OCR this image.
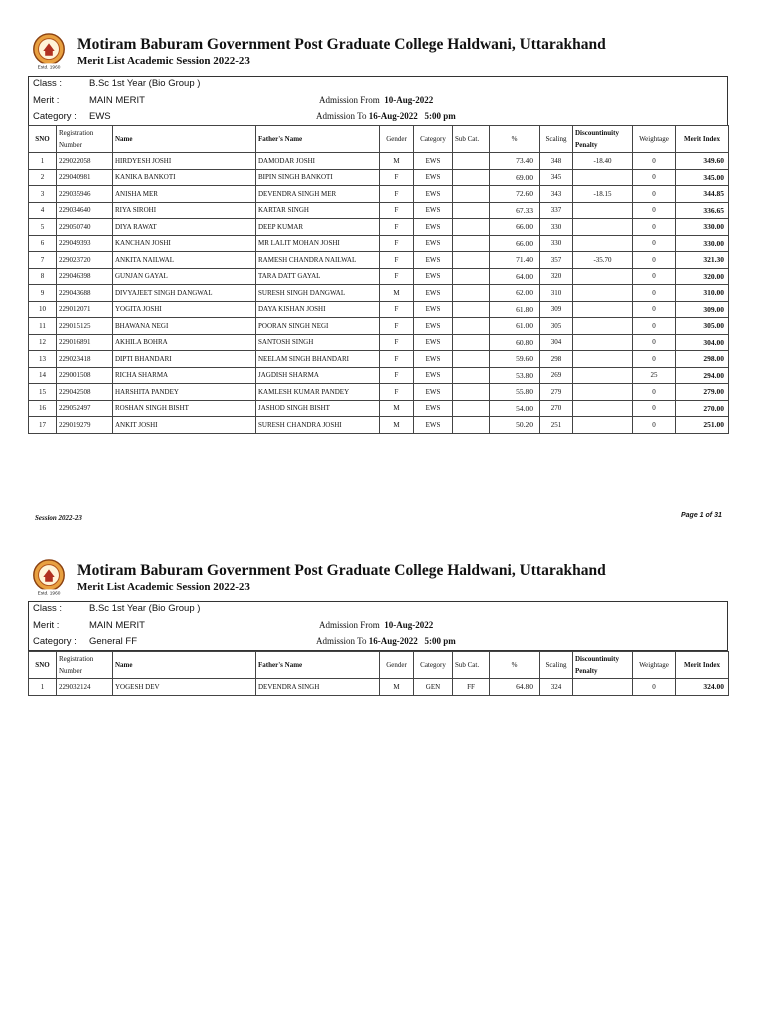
Estd. 1960
Motiram Baburam Government Post Graduate College Haldwani, Uttarakhand
Merit List Academic Session 2022-23
Class :	B.Sc 1st Year (Bio Group )
Merit :	MAIN MERIT
Category : EWS
Admission From 10-Aug-2022
Admission To 16-Aug-2022 5:00 pm
SNO	Registration Number	Name	Father's Name	Gender	Category	Sub Cat.	%	Scaling	Discountinuity Penalty	Weightage	Merit Index
1	229022058	HIRDYESH JOSHI	DAMODAR JOSHI	M	EWS		73.40	348	-18.40	0	349.60
2	229040981	KANIKA BANKOTI	BIPIN SINGH BANKOTI	F	EWS		69.00	345		0	345.00
3	229035946	ANISHA MER	DEVENDRA SINGH MER	F	EWS		72.60	343	-18.15	0	344.85
4	229034640	RIYA SIROHI	KARTAR SINGH	F	EWS		67.33	337		0	336.65
5	229050740	DIYA RAWAT	DEEP KUMAR	F	EWS		66.00	330		0	330.00
6	229049393	KANCHAN JOSHI	MR LALIT MOHAN JOSHI	F	EWS		66.00	330		0	330.00
7	229023720	ANKITA NAILWAL	RAMESH CHANDRA NAILWAL	F	EWS		71.40	357	-35.70	0	321.30
8	229046398	GUNJAN GAYAL	TARA DATT GAYAL	F	EWS		64.00	320		0	320.00
9	229043688	DIVYAJEET SINGH DANGWAL	SURESH SINGH DANGWAL	M	EWS		62.00	310		0	310.00
10	229012071	YOGITA JOSHI	DAYA KISHAN JOSHI	F	EWS		61.80	309		0	309.00
11	229015125	BHAWANA NEGI	POORAN SINGH NEGI	F	EWS		61.00	305		0	305.00
12	229016891	AKHILA BOHRA	SANTOSH SINGH	F	EWS		60.80	304		0	304.00
13	229023418	DIPTI BHANDARI	NEELAM SINGH BHANDARI	F	EWS		59.60	298		0	298.00
14	229001508	RICHA SHARMA	JAGDISH SHARMA	F	EWS		53.80	269		25	294.00
15	229042508	HARSHITA PANDEY	KAMLESH KUMAR PANDEY	F	EWS		55.80	279		0	279.00
16	229052497	ROSHAN SINGH BISHT	JASHOD SINGH BISHT	M	EWS		54.00	270		0	270.00
17	229019279	ANKIT JOSHI	SURESH CHANDRA JOSHI	M	EWS		50.20	251		0	251.00
Session 2022-23	Page 1 of 31
Estd. 1960
Motiram Baburam Government Post Graduate College Haldwani, Uttarakhand
Merit List Academic Session 2022-23
Class :	B.Sc 1st Year (Bio Group )
Merit :	MAIN MERIT
Category : General FF
Admission From 10-Aug-2022
Admission To 16-Aug-2022 5:00 pm
SNO	Registration Number	Name	Father's Name	Gender	Category	Sub Cat.	%	Scaling	Discountinuity Penalty	Weightage	Merit Index
1	229032124	YOGESH DEV	DEVENDRA SINGH	M	GEN	FF	64.80	324		0	324.00
